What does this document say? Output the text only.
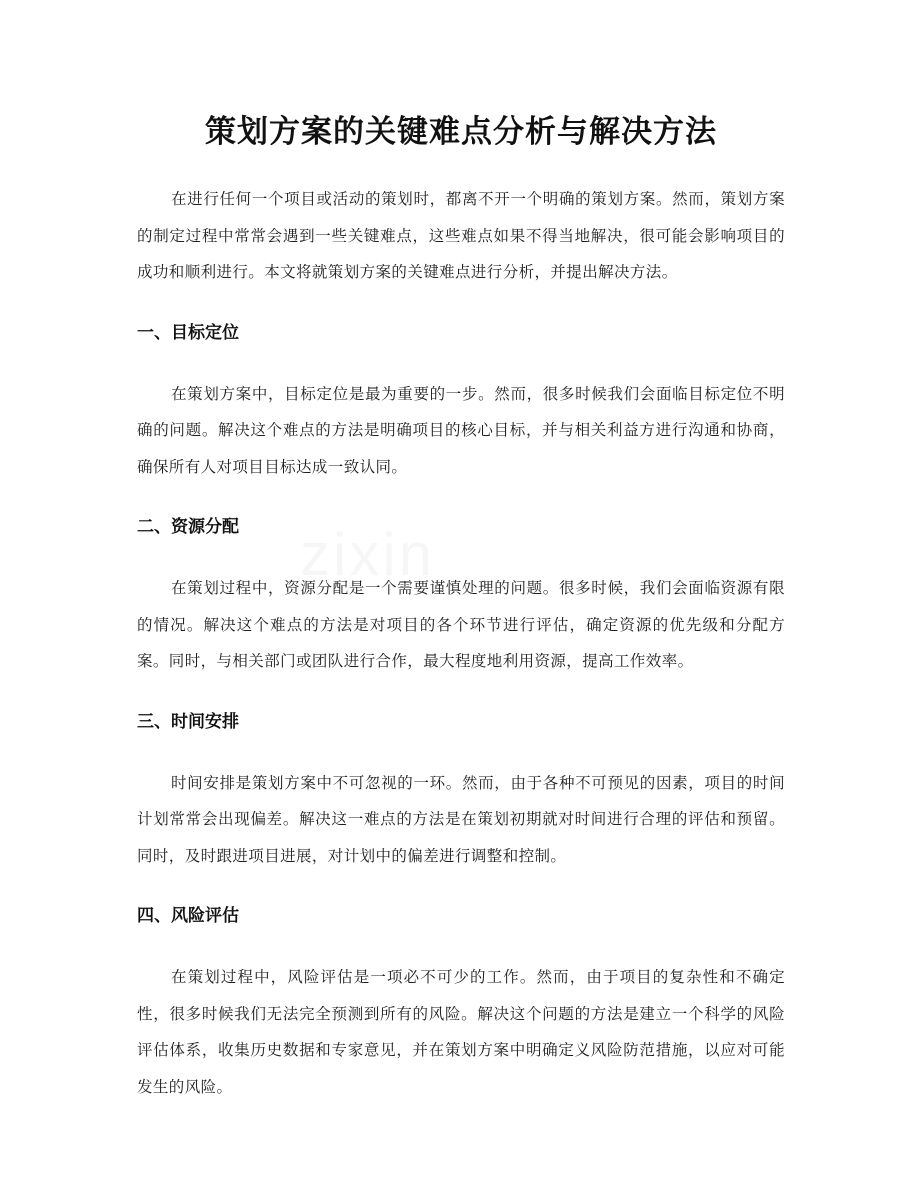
策划方案的关键难点分析与解决方法

在进行任何一个项目或活动的策划时，都离不开一个明确的策划方案。然而，策划方案的制定过程中常常会遇到一些关键难点，这些难点如果不得当地解决，很可能会影响项目的成功和顺利进行。本文将就策划方案的关键难点进行分析，并提出解决方法。

一、目标定位

在策划方案中，目标定位是最为重要的一步。然而，很多时候我们会面临目标定位不明确的问题。解决这个难点的方法是明确项目的核心目标，并与相关利益方进行沟通和协商，确保所有人对项目目标达成一致认同。

二、资源分配

在策划过程中，资源分配是一个需要谨慎处理的问题。很多时候，我们会面临资源有限的情况。解决这个难点的方法是对项目的各个环节进行评估，确定资源的优先级和分配方案。同时，与相关部门或团队进行合作，最大程度地利用资源，提高工作效率。

三、时间安排

时间安排是策划方案中不可忽视的一环。然而，由于各种不可预见的因素，项目的时间计划常常会出现偏差。解决这一难点的方法是在策划初期就对时间进行合理的评估和预留。同时，及时跟进项目进展，对计划中的偏差进行调整和控制。

四、风险评估

在策划过程中，风险评估是一项必不可少的工作。然而，由于项目的复杂性和不确定性，很多时候我们无法完全预测到所有的风险。解决这个问题的方法是建立一个科学的风险评估体系，收集历史数据和专家意见，并在策划方案中明确定义风险防范措施，以应对可能发生的风险。
